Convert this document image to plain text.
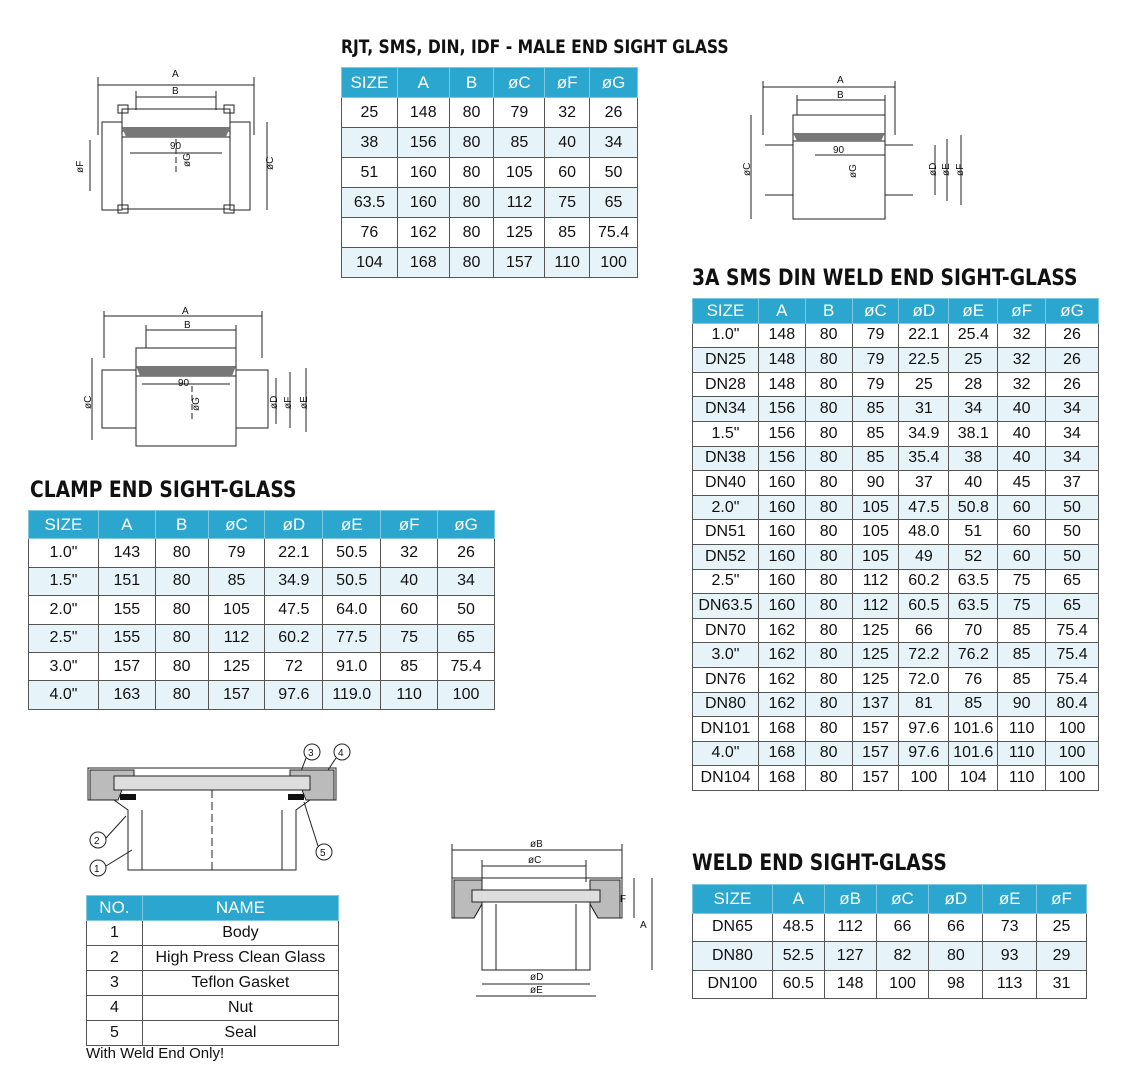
RJT, SMS, DIN, IDF - MALE END SIGHT GLASS
3A SMS DIN WELD END SIGHT-GLASS
CLAMP END SIGHT-GLASS
WELD END SIGHT-GLASS
SIZE	A	B	øC	øF	øG
25	148	80	79	32	26
38	156	80	85	40	34
51	160	80	105	60	50
63.5	160	80	112	75	65
76	162	80	125	85	75.4
104	168	80	157	110	100
SIZE	A	B	øC	øD	øE	øF	øG
1.0"	148	80	79	22.1	25.4	32	26
DN25	148	80	79	22.5	25	32	26
DN28	148	80	79	25	28	32	26
DN34	156	80	85	31	34	40	34
1.5"	156	80	85	34.9	38.1	40	34
DN38	156	80	85	35.4	38	40	34
DN40	160	80	90	37	40	45	37
2.0"	160	80	105	47.5	50.8	60	50
DN51	160	80	105	48.0	51	60	50
DN52	160	80	105	49	52	60	50
2.5"	160	80	112	60.2	63.5	75	65
DN63.5	160	80	112	60.5	63.5	75	65
DN70	162	80	125	66	70	85	75.4
3.0"	162	80	125	72.2	76.2	85	75.4
DN76	162	80	125	72.0	76	85	75.4
DN80	162	80	137	81	85	90	80.4
DN101	168	80	157	97.6	101.6	110	100
4.0"	168	80	157	97.6	101.6	110	100
DN104	168	80	157	100	104	110	100
SIZE	A	B	øC	øD	øE	øF	øG
1.0"	143	80	79	22.1	50.5	32	26
1.5"	151	80	85	34.9	50.5	40	34
2.0"	155	80	105	47.5	64.0	60	50
2.5"	155	80	112	60.2	77.5	75	65
3.0"	157	80	125	72	91.0	85	75.4
4.0"	163	80	157	97.6	119.0	110	100
SIZE	A	øB	øC	øD	øE	øF
DN65	48.5	112	66	66	73	25
DN80	52.5	127	82	80	93	29
DN100	60.5	148	100	98	113	31
NO.	NAME
1	Body
2	High Press Clean Glass
3	Teflon Gasket
4	Nut
5	Seal
With Weld End Only!
A
B
90
øF	øG	øC
A
B
90
øC	øG	øD øE øF
A
B
90
øC	øG	øD øF øE
2
1
3 4
5
øB
øC
øD
øE
F
A
